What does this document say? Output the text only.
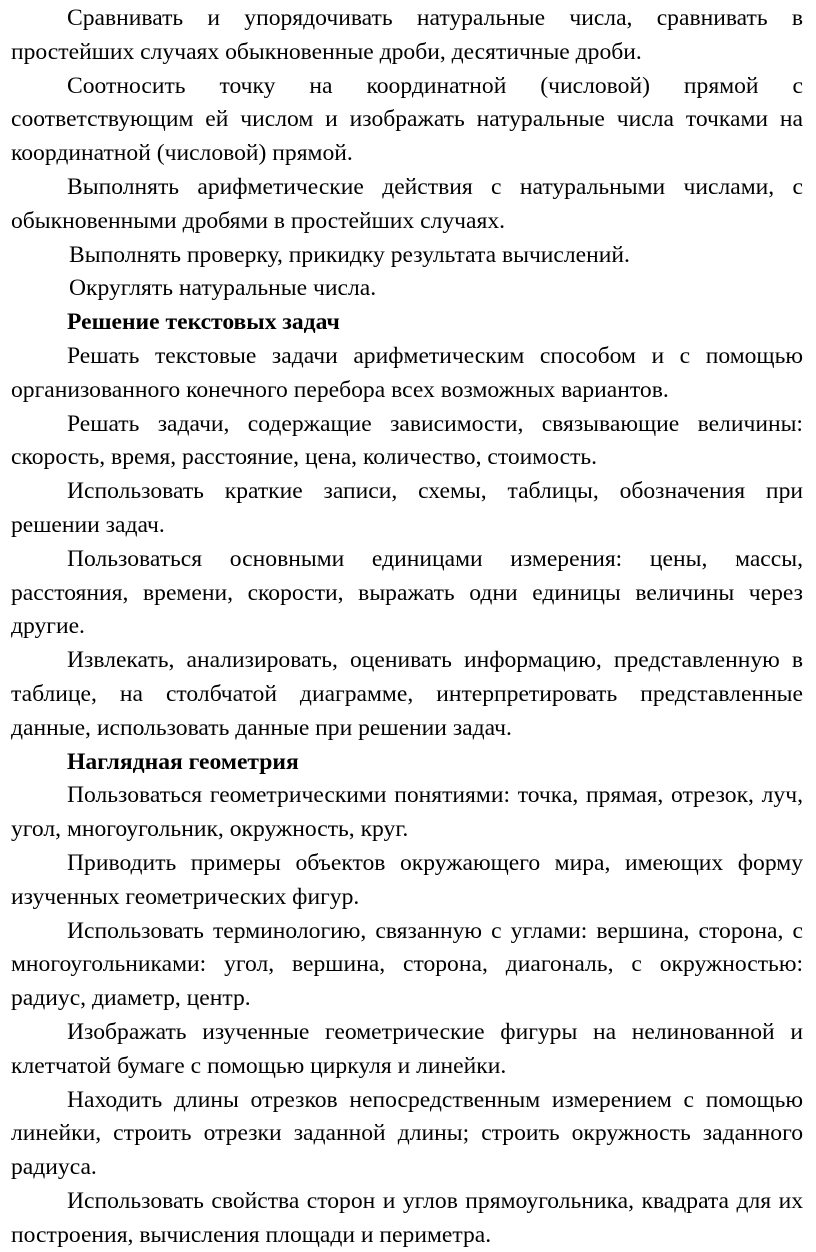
Сравнивать и упорядочивать натуральные числа, сравнивать в простейших случаях обыкновенные дроби, десятичные дроби.

Соотносить точку на координатной (числовой) прямой с соответствующим ей числом и изображать натуральные числа точками на координатной (числовой) прямой.

Выполнять арифметические действия с натуральными числами, с обыкновенными дробями в простейших случаях.

Выполнять проверку, прикидку результата вычислений.

Округлять натуральные числа.

Решение текстовых задач

Решать текстовые задачи арифметическим способом и с помощью организованного конечного перебора всех возможных вариантов.

Решать задачи, содержащие зависимости, связывающие величины: скорость, время, расстояние, цена, количество, стоимость.

Использовать краткие записи, схемы, таблицы, обозначения при решении задач.

Пользоваться основными единицами измерения: цены, массы, расстояния, времени, скорости, выражать одни единицы величины через другие.

Извлекать, анализировать, оценивать информацию, представленную в таблице, на столбчатой диаграмме, интерпретировать представленные данные, использовать данные при решении задач.

Наглядная геометрия

Пользоваться геометрическими понятиями: точка, прямая, отрезок, луч, угол, многоугольник, окружность, круг.

Приводить примеры объектов окружающего мира, имеющих форму изученных геометрических фигур.

Использовать терминологию, связанную с углами: вершина, сторона, с многоугольниками: угол, вершина, сторона, диагональ, с окружностью: радиус, диаметр, центр.

Изображать изученные геометрические фигуры на нелинованной и клетчатой бумаге с помощью циркуля и линейки.

Находить длины отрезков непосредственным измерением с помощью линейки, строить отрезки заданной длины; строить окружность заданного радиуса.

Использовать свойства сторон и углов прямоугольника, квадрата для их построения, вычисления площади и периметра.
